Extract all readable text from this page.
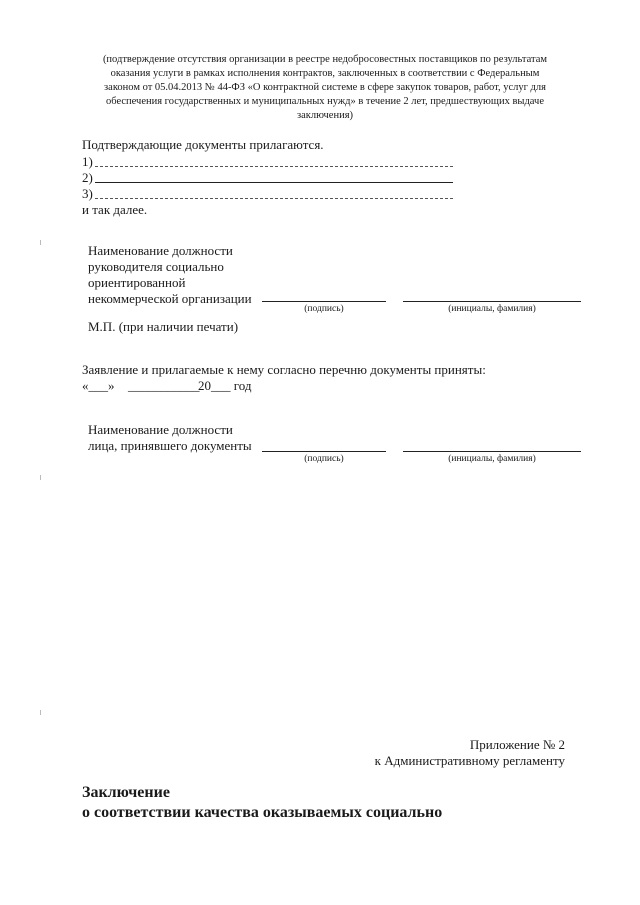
(подтверждение отсутствия организации в реестре недобросовестных поставщиков по результатам оказания услуги в рамках исполнения контрактов, заключенных в соответствии с Федеральным законом от 05.04.2013 № 44-ФЗ «О контрактной системе в сфере закупок товаров, работ, услуг для обеспечения государственных и муниципальных нужд» в течение 2 лет, предшествующих выдаче заключения)
Подтверждающие документы прилагаются.
1)
2)
3)
и так далее.
Наименование должности
руководителя социально
ориентированной
некоммерческой организации
(подпись)	(инициалы, фамилия)
М.П. (при наличии печати)
Заявление и прилагаемые к нему согласно перечню документы приняты:
«___» ___________
20___ год
Наименование должности
лица, принявшего документы
(подпись)	(инициалы, фамилия)
Приложение № 2
к Административному регламенту
Заключение
о соответствии качества оказываемых социально
